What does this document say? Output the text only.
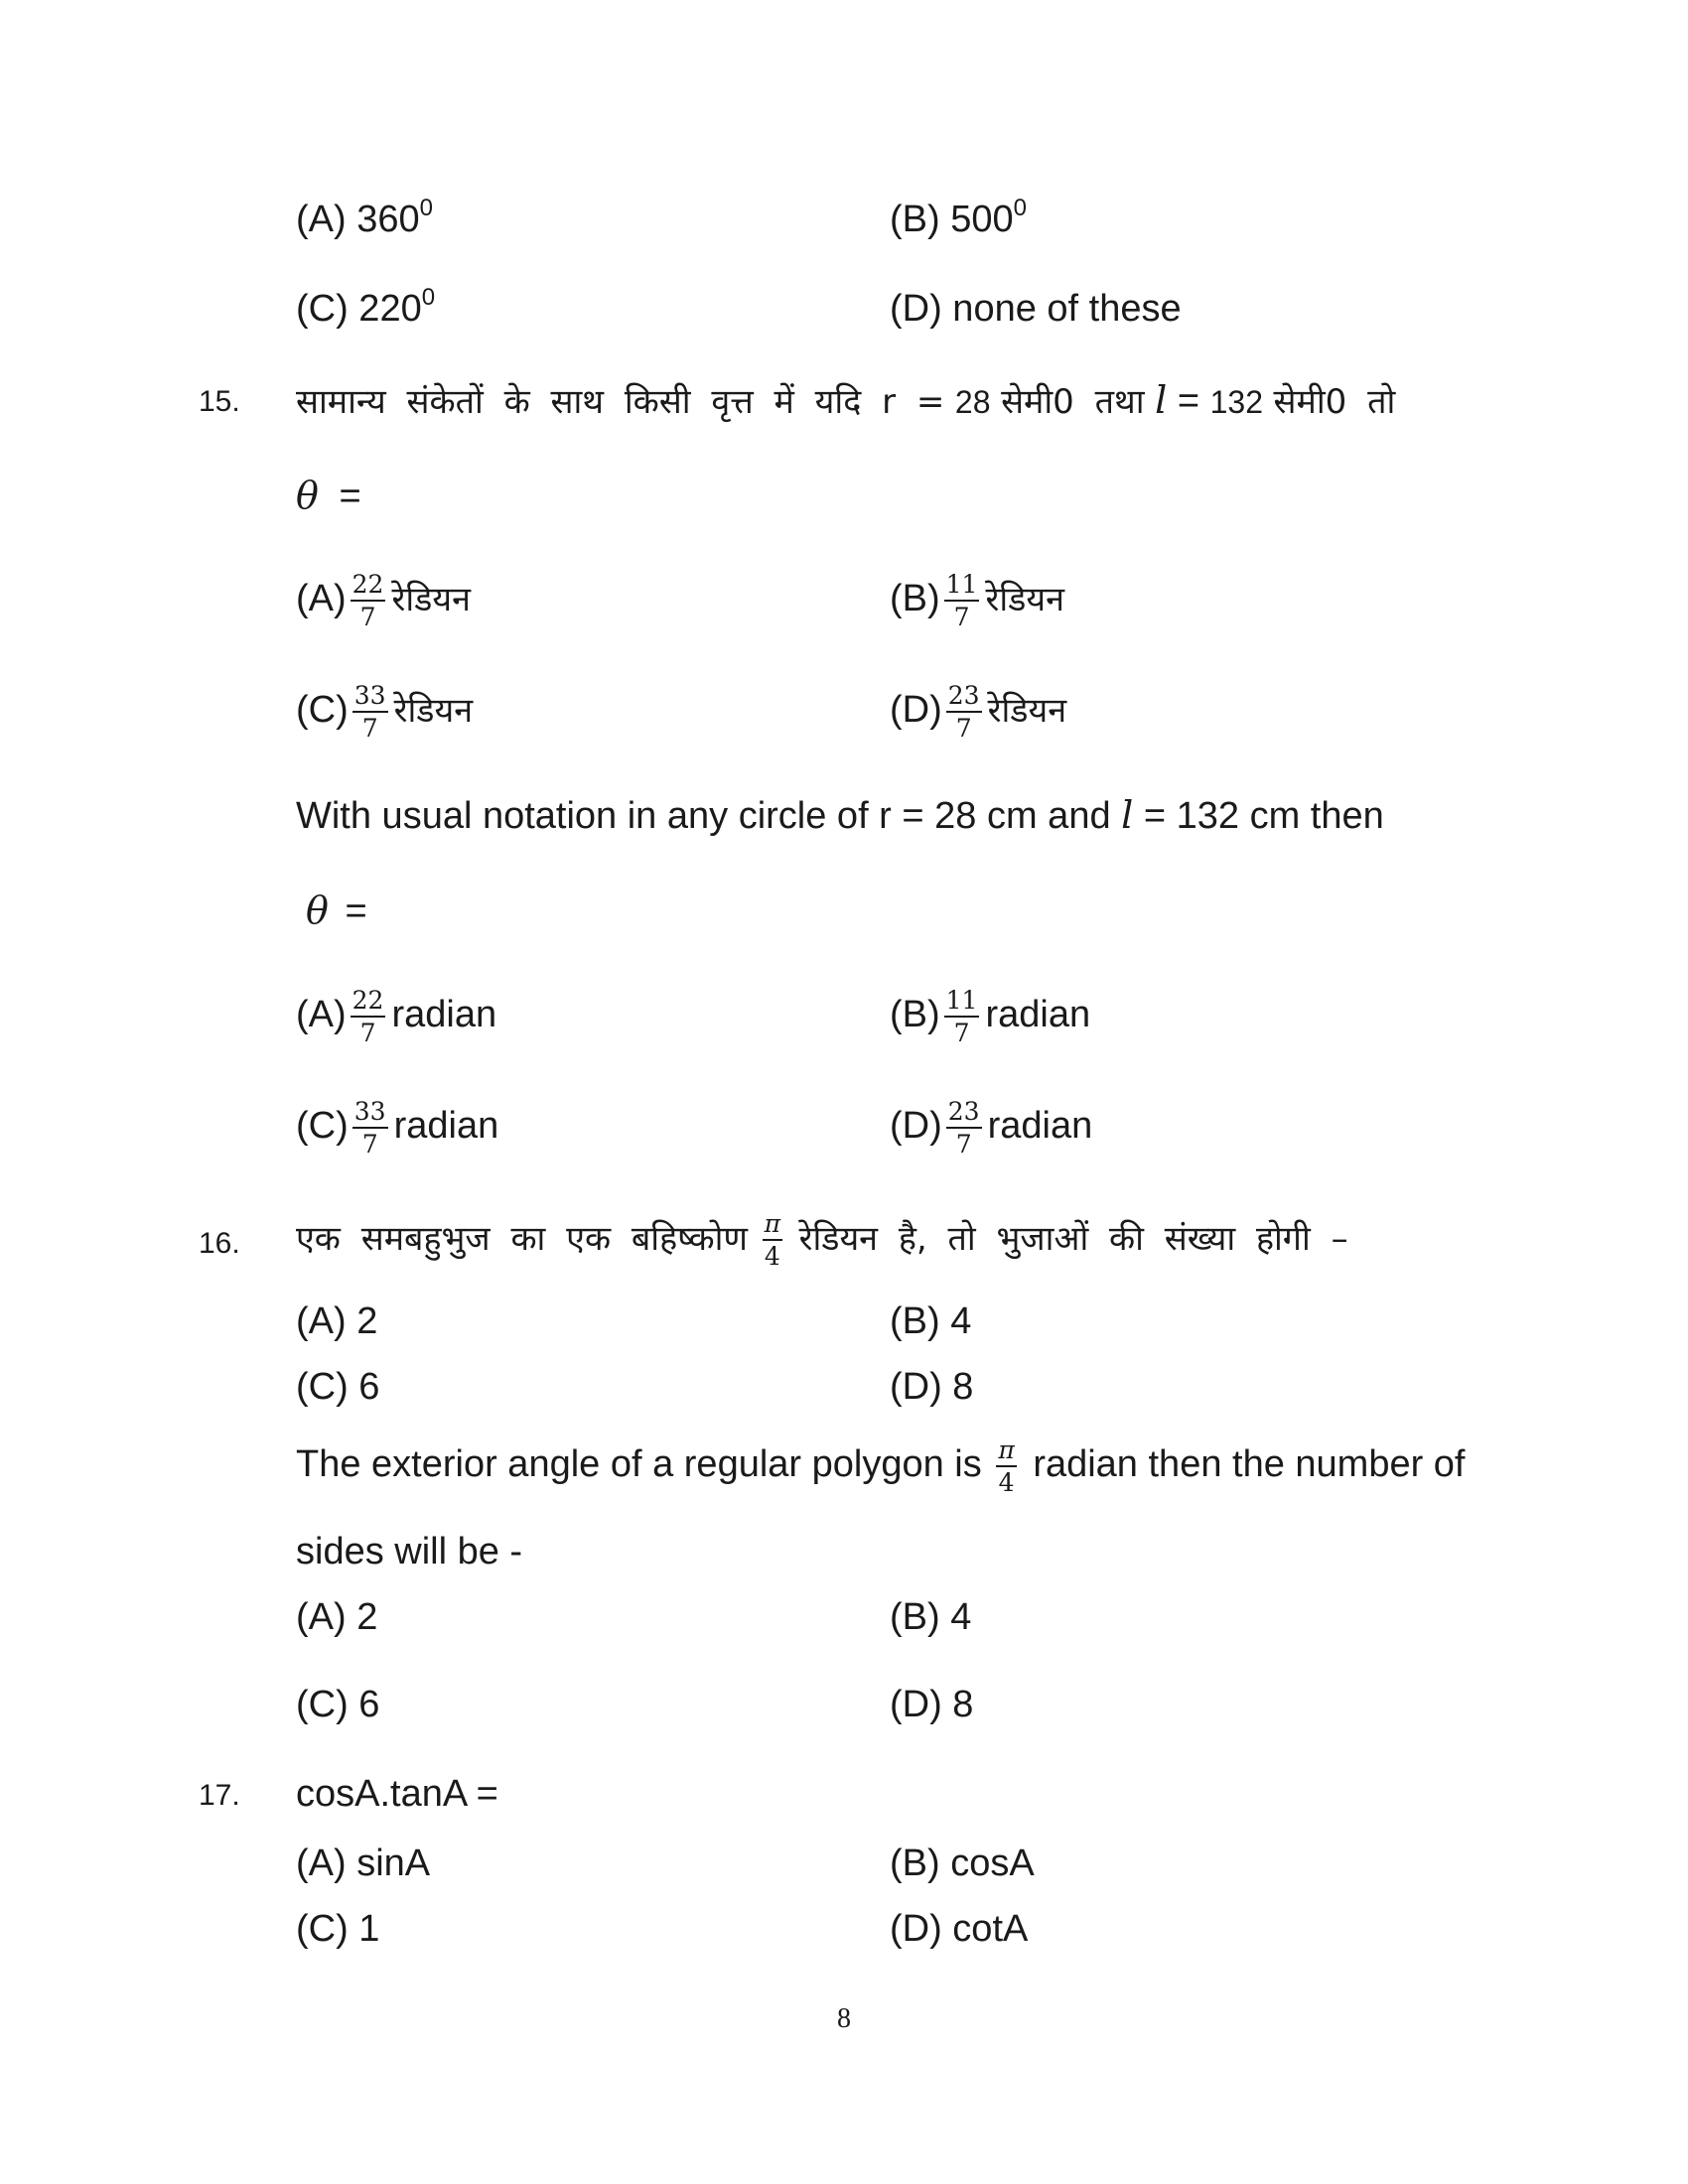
(A) $360^0$	(B) $500^0$
(C) $220^0$	(D) none of these
15. सामान्य संकेतों के साथ किसी वृत्त में यदि r = 28 सेमी0 तथा l = 132 सेमी0 तो
θ =
$(A) \frac{22}{7}$ रेडियन	$(B) \frac{11}{7}$ रेडियन
$(C) \frac{33}{7}$ रेडियन	$(D) \frac{23}{7}$ रेडियन
With usual notation in any circle of r = 28 cm and l = 132 cm then
θ =
$(A) \frac{22}{7}$ radian	$(B) \frac{11}{7}$ radian
$(C) \frac{33}{7}$ radian	$(D) \frac{23}{7}$ radian
16. एक समबहुभुज का एक बहिष्कोण $\frac{\pi}{4}$ रेडियन है, तो भुजाओं की संख्या होगी –
(A) 2	(B) 4
(C) 6	(D) 8
The exterior angle of a regular polygon is $\frac{\pi}{4}$ radian then the number of
sides will be -
(A) 2	(B) 4
(C) 6	(D) 8
17. cosA.tanA =
(A) sinA	(B) cosA
(C) 1	(D) cotA
8
